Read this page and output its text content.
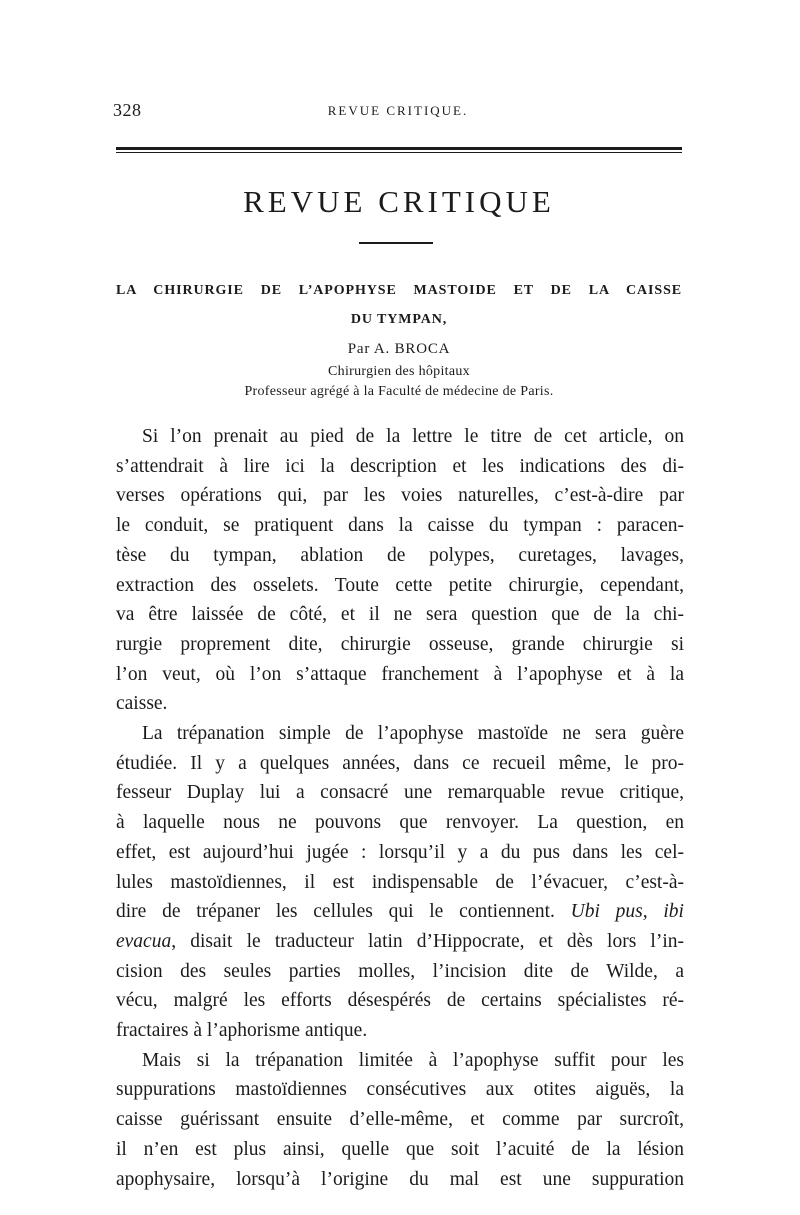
328	REVUE CRITIQUE.
REVUE CRITIQUE
LA CHIRURGIE DE L’APOPHYSE MASTOIDE ET DE LA CAISSE
DU TYMPAN,
Par A. BROCA
Chirurgien des hôpitaux
Professeur agrégé à la Faculté de médecine de Paris.

Si l’on prenait au pied de la lettre le titre de cet article, on
s’attendrait à lire ici la description et les indications des di-
verses opérations qui, par les voies naturelles, c’est-à-dire par
le conduit, se pratiquent dans la caisse du tympan : paracen-
tèse du tympan, ablation de polypes, curetages, lavages,
extraction des osselets. Toute cette petite chirurgie, cependant,
va être laissée de côté, et il ne sera question que de la chi-
rurgie proprement dite, chirurgie osseuse, grande chirurgie si
l’on veut, où l’on s’attaque franchement à l’apophyse et à la
caisse.

La trépanation simple de l’apophyse mastoïde ne sera guère
étudiée. Il y a quelques années, dans ce recueil même, le pro-
fesseur Duplay lui a consacré une remarquable revue critique,
à laquelle nous ne pouvons que renvoyer. La question, en
effet, est aujourd’hui jugée : lorsqu’il y a du pus dans les cel-
lules mastoïdiennes, il est indispensable de l’évacuer, c’est-à-
dire de trépaner les cellules qui le contiennent. Ubi pus, ibi
evacua, disait le traducteur latin d’Hippocrate, et dès lors l’in-
cision des seules parties molles, l’incision dite de Wilde, a
vécu, malgré les efforts désespérés de certains spécialistes ré-
fractaires à l’aphorisme antique.

Mais si la trépanation limitée à l’apophyse suffit pour les
suppurations mastoïdiennes consécutives aux otites aiguës, la
caisse guérissant ensuite d’elle-même, et comme par surcroît,
il n’en est plus ainsi, quelle que soit l’acuité de la lésion
apophysaire, lorsqu’à l’origine du mal est une suppuration
